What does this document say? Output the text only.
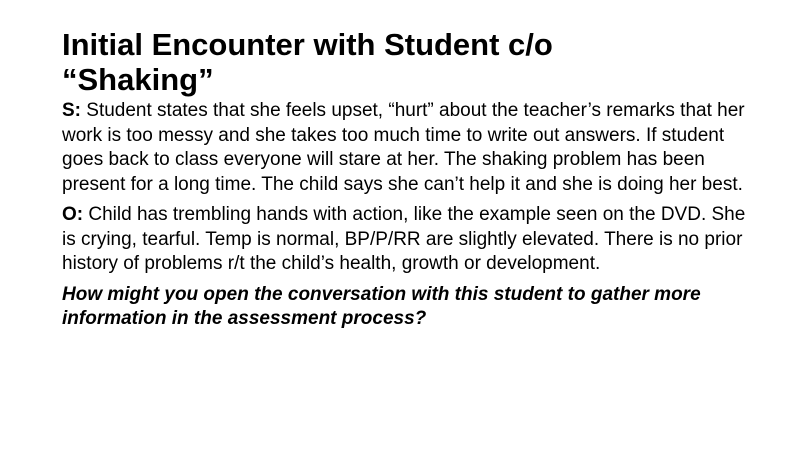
Initial Encounter with Student c/o
“Shaking”

S: Student states that she feels upset, “hurt” about the teacher’s remarks that her work is too messy and she takes too much time to write out answers. If student goes back to class everyone will stare at her. The shaking problem has been present for a long time. The child says she can’t help it and she is doing her best.

O: Child has trembling hands with action, like the example seen on the DVD. She is crying, tearful. Temp is normal, BP/P/RR are slightly elevated. There is no prior history of problems r/t the child’s health, growth or development.

How might you open the conversation with this student to gather more information in the assessment process?
